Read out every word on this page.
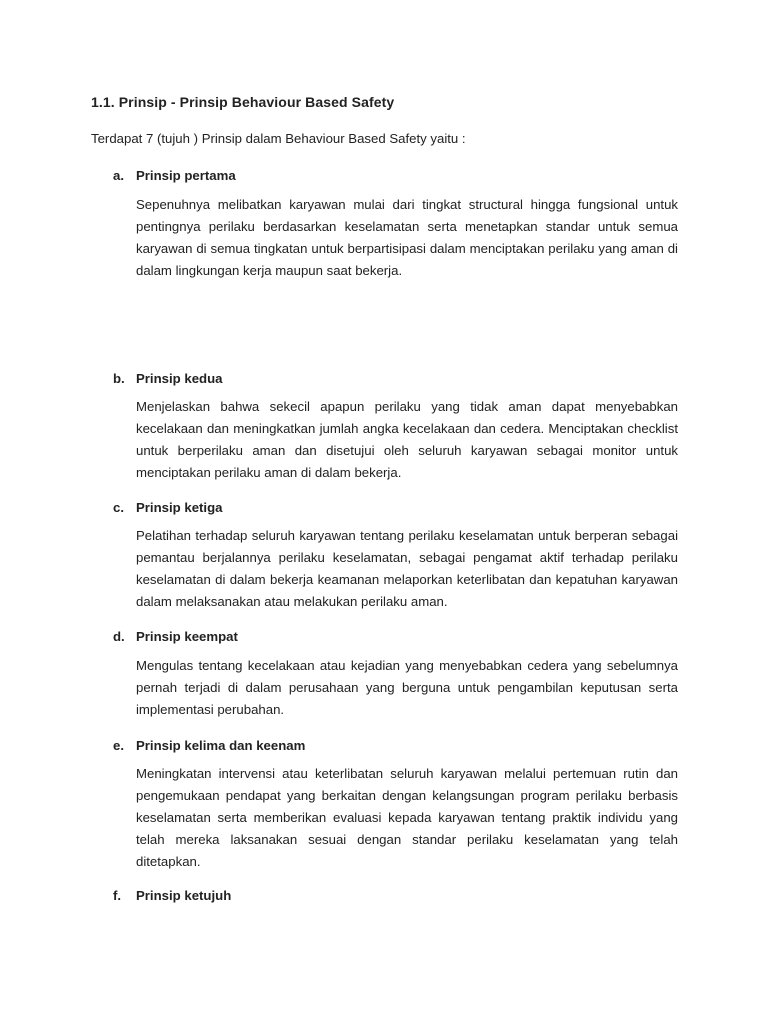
1.1. Prinsip - Prinsip Behaviour Based Safety
Terdapat 7 (tujuh ) Prinsip dalam Behaviour Based Safety yaitu :
a. Prinsip pertama

Sepenuhnya melibatkan karyawan mulai dari tingkat structural hingga fungsional untuk pentingnya perilaku berdasarkan keselamatan serta menetapkan standar untuk semua karyawan di semua tingkatan untuk berpartisipasi dalam menciptakan perilaku yang aman di dalam lingkungan kerja maupun saat bekerja.

b. Prinsip kedua

Menjelaskan bahwa sekecil apapun perilaku yang tidak aman dapat menyebabkan kecelakaan dan meningkatkan jumlah angka kecelakaan dan cedera. Menciptakan checklist untuk berperilaku aman dan disetujui oleh seluruh karyawan sebagai monitor untuk menciptakan perilaku aman di dalam bekerja.

c. Prinsip ketiga

Pelatihan terhadap seluruh karyawan tentang perilaku keselamatan untuk berperan sebagai pemantau berjalannya perilaku keselamatan, sebagai pengamat aktif terhadap perilaku keselamatan di dalam bekerja keamanan melaporkan keterlibatan dan kepatuhan karyawan dalam melaksanakan atau melakukan perilaku aman.

d. Prinsip keempat

Mengulas tentang kecelakaan atau kejadian yang menyebabkan cedera yang sebelumnya pernah terjadi di dalam perusahaan yang berguna untuk pengambilan keputusan serta implementasi perubahan.

e. Prinsip kelima dan keenam

Meningkatan intervensi atau keterlibatan seluruh karyawan melalui pertemuan rutin dan pengemukaan pendapat yang berkaitan dengan kelangsungan program perilaku berbasis keselamatan serta memberikan evaluasi kepada karyawan tentang praktik individu yang telah mereka laksanakan sesuai dengan standar perilaku keselamatan yang telah ditetapkan.

f. Prinsip ketujuh
